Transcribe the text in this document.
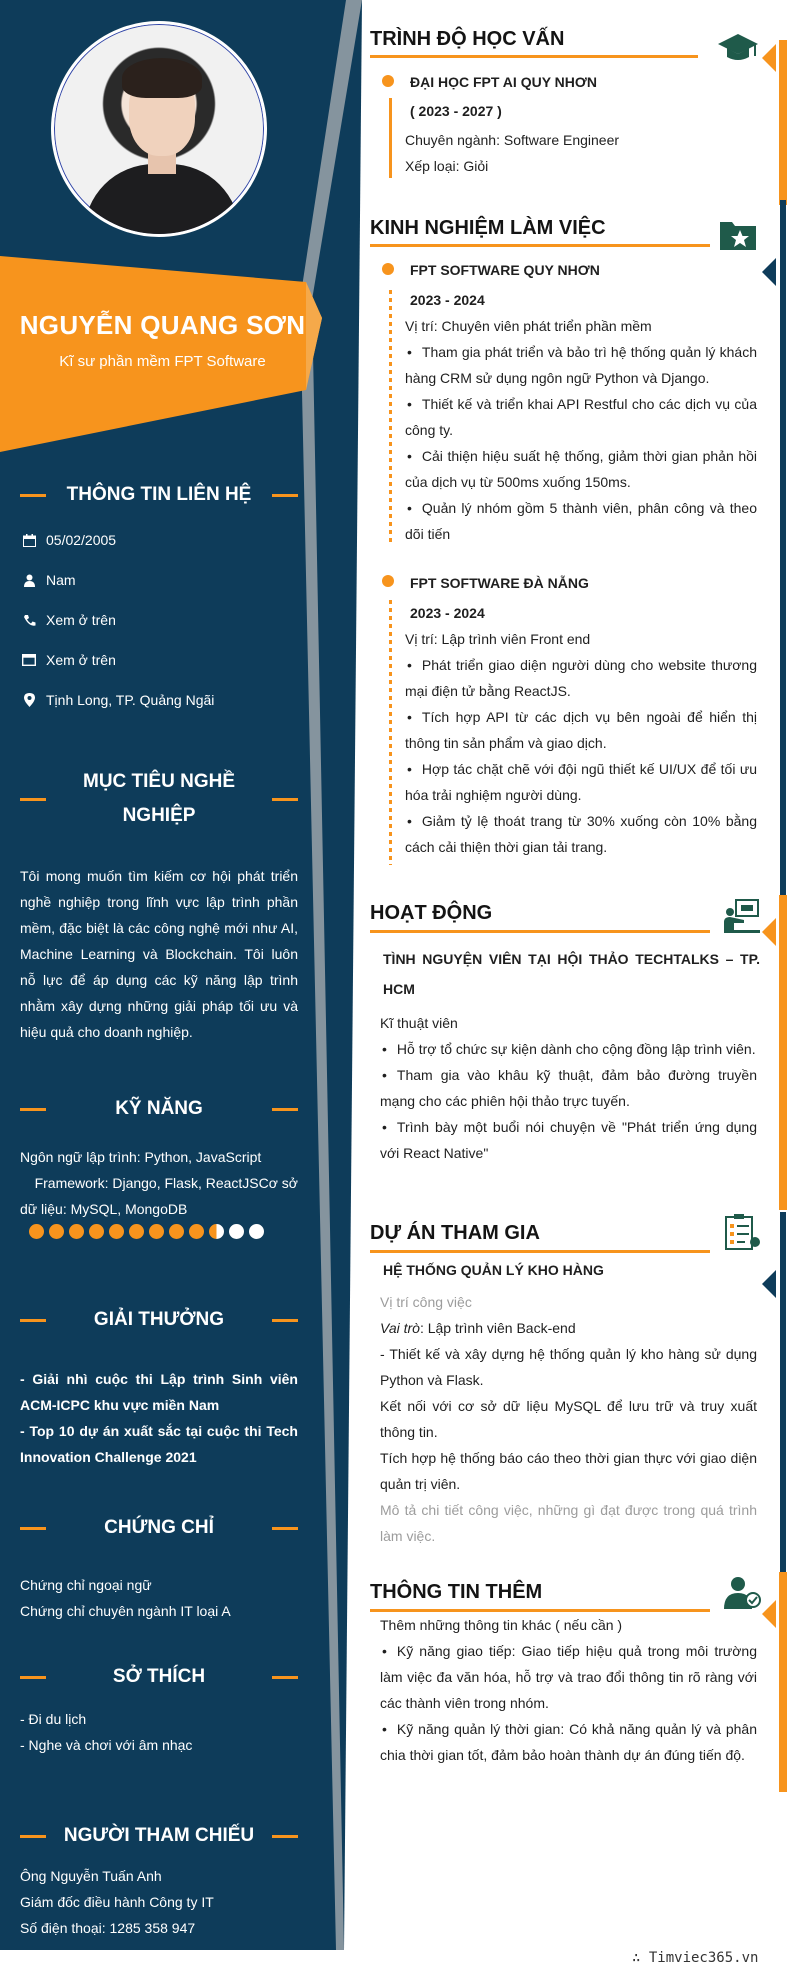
NGUYỄN QUANG SƠN
Kĩ sư phần mềm FPT Software
THÔNG TIN LIÊN HỆ
05/02/2005
Nam
Xem ở trên
Xem ở trên
Tịnh Long, TP. Quảng Ngãi
MỤC TIÊU NGHỀ
NGHIỆP
Tôi mong muốn tìm kiếm cơ hội phát triển nghề nghiệp trong lĩnh vực lập trình phần mềm, đặc biệt là các công nghệ mới như AI, Machine Learning và Blockchain. Tôi luôn nỗ lực để áp dụng các kỹ năng lập trình nhằm xây dựng những giải pháp tối ưu và hiệu quả cho doanh nghiệp.
KỸ NĂNG
Ngôn ngữ lập trình: Python, JavaScript
Framework: Django, Flask, ReactJSCơ sở
dữ liệu: MySQL, MongoDB
GIẢI THƯỞNG
- Giải nhì cuộc thi Lập trình Sinh viên ACM-ICPC khu vực miền Nam
- Top 10 dự án xuất sắc tại cuộc thi Tech Innovation Challenge 2021
CHỨNG CHỈ
Chứng chỉ ngoại ngữ
Chứng chỉ chuyên ngành IT loại A
SỞ THÍCH
- Đi du lịch
- Nghe và chơi với âm nhạc
NGƯỜI THAM CHIẾU
Ông Nguyễn Tuấn Anh
Giám đốc điều hành Công ty IT
Số điện thoại: 1285 358 947
TRÌNH ĐỘ HỌC VẤN
ĐẠI HỌC FPT AI QUY NHƠN
( 2023 - 2027 )
Chuyên ngành: Software Engineer
Xếp loại: Giỏi
KINH NGHIỆM LÀM VIỆC
FPT SOFTWARE QUY NHƠN
2023 - 2024
Vị trí: Chuyên viên phát triển phần mềm
• Tham gia phát triển và bảo trì hệ thống quản lý khách hàng CRM sử dụng ngôn ngữ Python và Django.
• Thiết kế và triển khai API Restful cho các dịch vụ của công ty.
• Cải thiện hiệu suất hệ thống, giảm thời gian phản hồi của dịch vụ từ 500ms xuống 150ms.
• Quản lý nhóm gồm 5 thành viên, phân công và theo dõi tiến
FPT SOFTWARE ĐÀ NẴNG
2023 - 2024
Vị trí: Lập trình viên Front end
• Phát triển giao diện người dùng cho website thương mại điện tử bằng ReactJS.
• Tích hợp API từ các dịch vụ bên ngoài để hiển thị thông tin sản phẩm và giao dịch.
• Hợp tác chặt chẽ với đội ngũ thiết kế UI/UX để tối ưu hóa trải nghiệm người dùng.
• Giảm tỷ lệ thoát trang từ 30% xuống còn 10% bằng cách cải thiện thời gian tải trang.
HOẠT ĐỘNG
TÌNH NGUYỆN VIÊN TẠI HỘI THẢO TECHTALKS – TP. HCM
Kĩ thuật viên
• Hỗ trợ tổ chức sự kiện dành cho cộng đồng lập trình viên.
• Tham gia vào khâu kỹ thuật, đảm bảo đường truyền mạng cho các phiên hội thảo trực tuyến.
• Trình bày một buổi nói chuyện về "Phát triển ứng dụng với React Native"
DỰ ÁN THAM GIA
HỆ THỐNG QUẢN LÝ KHO HÀNG
Vị trí công việc
Vai trò: Lập trình viên Back-end
- Thiết kế và xây dựng hệ thống quản lý kho hàng sử dụng Python và Flask.
Kết nối với cơ sở dữ liệu MySQL để lưu trữ và truy xuất thông tin.
Tích hợp hệ thống báo cáo theo thời gian thực với giao diện quản trị viên.
Mô tả chi tiết công việc, những gì đạt được trong quá trình làm việc.
THÔNG TIN THÊM
Thêm những thông tin khác ( nếu cần )
• Kỹ năng giao tiếp: Giao tiếp hiệu quả trong môi trường làm việc đa văn hóa, hỗ trợ và trao đổi thông tin rõ ràng với các thành viên trong nhóm.
• Kỹ năng quản lý thời gian: Có khả năng quản lý và phân chia thời gian tốt, đảm bảo hoàn thành dự án đúng tiến độ.
∴ Timviec365.vn
